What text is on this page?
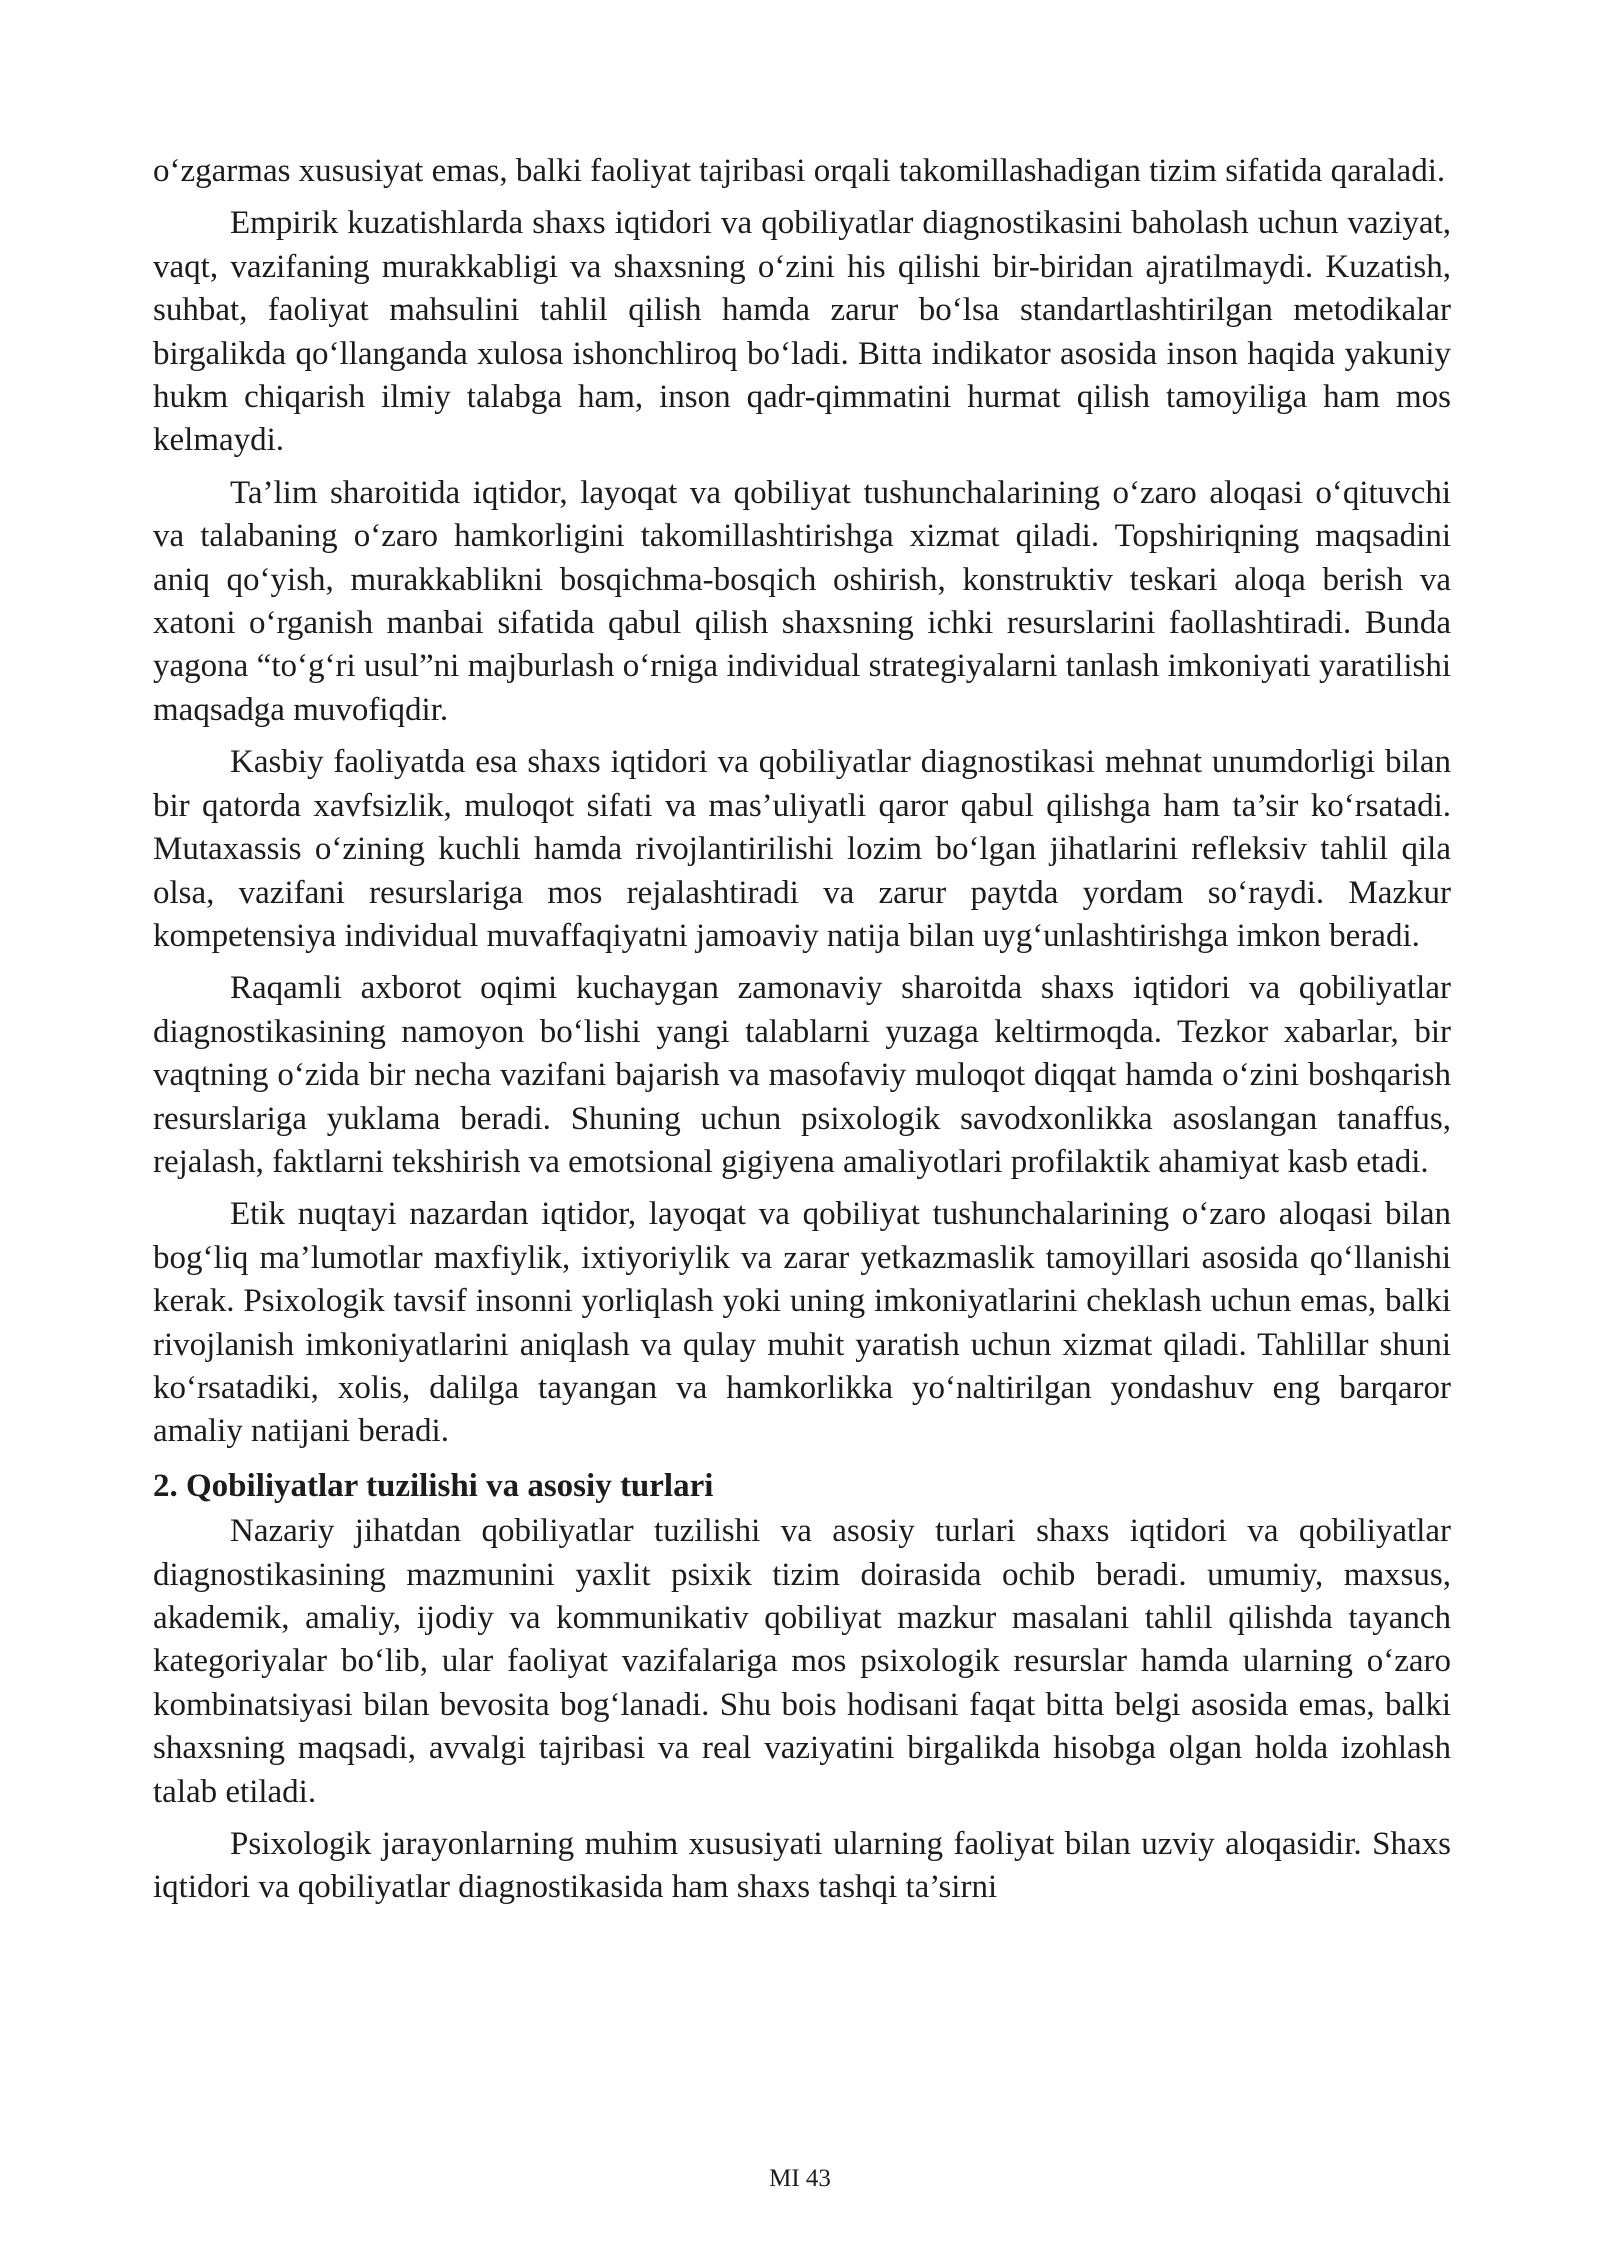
o‘zgarmas xususiyat emas, balki faoliyat tajribasi orqali takomillashadigan tizim sifatida qaraladi.

Empirik kuzatishlarda shaxs iqtidori va qobiliyatlar diagnostikasini baholash uchun vaziyat, vaqt, vazifaning murakkabligi va shaxsning o‘zini his qilishi bir-biridan ajratilmaydi. Kuzatish, suhbat, faoliyat mahsulini tahlil qilish hamda zarur bo‘lsa standartlashtirilgan metodikalar birgalikda qo‘llanganda xulosa ishonchliroq bo‘ladi. Bitta indikator asosida inson haqida yakuniy hukm chiqarish ilmiy talabga ham, inson qadr-qimmatini hurmat qilish tamoyiliga ham mos kelmaydi.

Ta’lim sharoitida iqtidor, layoqat va qobiliyat tushunchalarining o‘zaro aloqasi o‘qituvchi va talabaning o‘zaro hamkorligini takomillashtirishga xizmat qiladi. Topshiriqning maqsadini aniq qo‘yish, murakkablikni bosqichma-bosqich oshirish, konstruktiv teskari aloqa berish va xatoni o‘rganish manbai sifatida qabul qilish shaxsning ichki resurslarini faollashtiradi. Bunda yagona “to‘g‘ri usul”ni majburlash o‘rniga individual strategiyalarni tanlash imkoniyati yaratilishi maqsadga muvofiqdir.

Kasbiy faoliyatda esa shaxs iqtidori va qobiliyatlar diagnostikasi mehnat unumdorligi bilan bir qatorda xavfsizlik, muloqot sifati va mas’uliyatli qaror qabul qilishga ham ta’sir ko‘rsatadi. Mutaxassis o‘zining kuchli hamda rivojlantirilishi lozim bo‘lgan jihatlarini refleksiv tahlil qila olsa, vazifani resurslariga mos rejalashtiradi va zarur paytda yordam so‘raydi. Mazkur kompetensiya individual muvaffaqiyatni jamoaviy natija bilan uyg‘unlashtirishga imkon beradi.

Raqamli axborot oqimi kuchaygan zamonaviy sharoitda shaxs iqtidori va qobiliyatlar diagnostikasining namoyon bo‘lishi yangi talablarni yuzaga keltirmoqda. Tezkor xabarlar, bir vaqtning o‘zida bir necha vazifani bajarish va masofaviy muloqot diqqat hamda o‘zini boshqarish resurslariga yuklama beradi. Shuning uchun psixologik savodxonlikka asoslangan tanaffus, rejalash, faktlarni tekshirish va emotsional gigiyena amaliyotlari profilaktik ahamiyat kasb etadi.

Etik nuqtayi nazardan iqtidor, layoqat va qobiliyat tushunchalarining o‘zaro aloqasi bilan bog‘liq ma’lumotlar maxfiylik, ixtiyoriylik va zarar yetkazmaslik tamoyillari asosida qo‘llanishi kerak. Psixologik tavsif insonni yorliqlash yoki uning imkoniyatlarini cheklash uchun emas, balki rivojlanish imkoniyatlarini aniqlash va qulay muhit yaratish uchun xizmat qiladi. Tahlillar shuni ko‘rsatadiki, xolis, dalilga tayangan va hamkorlikka yo‘naltirilgan yondashuv eng barqaror amaliy natijani beradi.

2. Qobiliyatlar tuzilishi va asosiy turlari

Nazariy jihatdan qobiliyatlar tuzilishi va asosiy turlari shaxs iqtidori va qobiliyatlar diagnostikasining mazmunini yaxlit psixik tizim doirasida ochib beradi. umumiy, maxsus, akademik, amaliy, ijodiy va kommunikativ qobiliyat mazkur masalani tahlil qilishda tayanch kategoriyalar bo‘lib, ular faoliyat vazifalariga mos psixologik resurslar hamda ularning o‘zaro kombinatsiyasi bilan bevosita bog‘lanadi. Shu bois hodisani faqat bitta belgi asosida emas, balki shaxsning maqsadi, avvalgi tajribasi va real vaziyatini birgalikda hisobga olgan holda izohlash talab etiladi.

Psixologik jarayonlarning muhim xususiyati ularning faoliyat bilan uzviy aloqasidir. Shaxs iqtidori va qobiliyatlar diagnostikasida ham shaxs tashqi ta’sirni

MI 43
